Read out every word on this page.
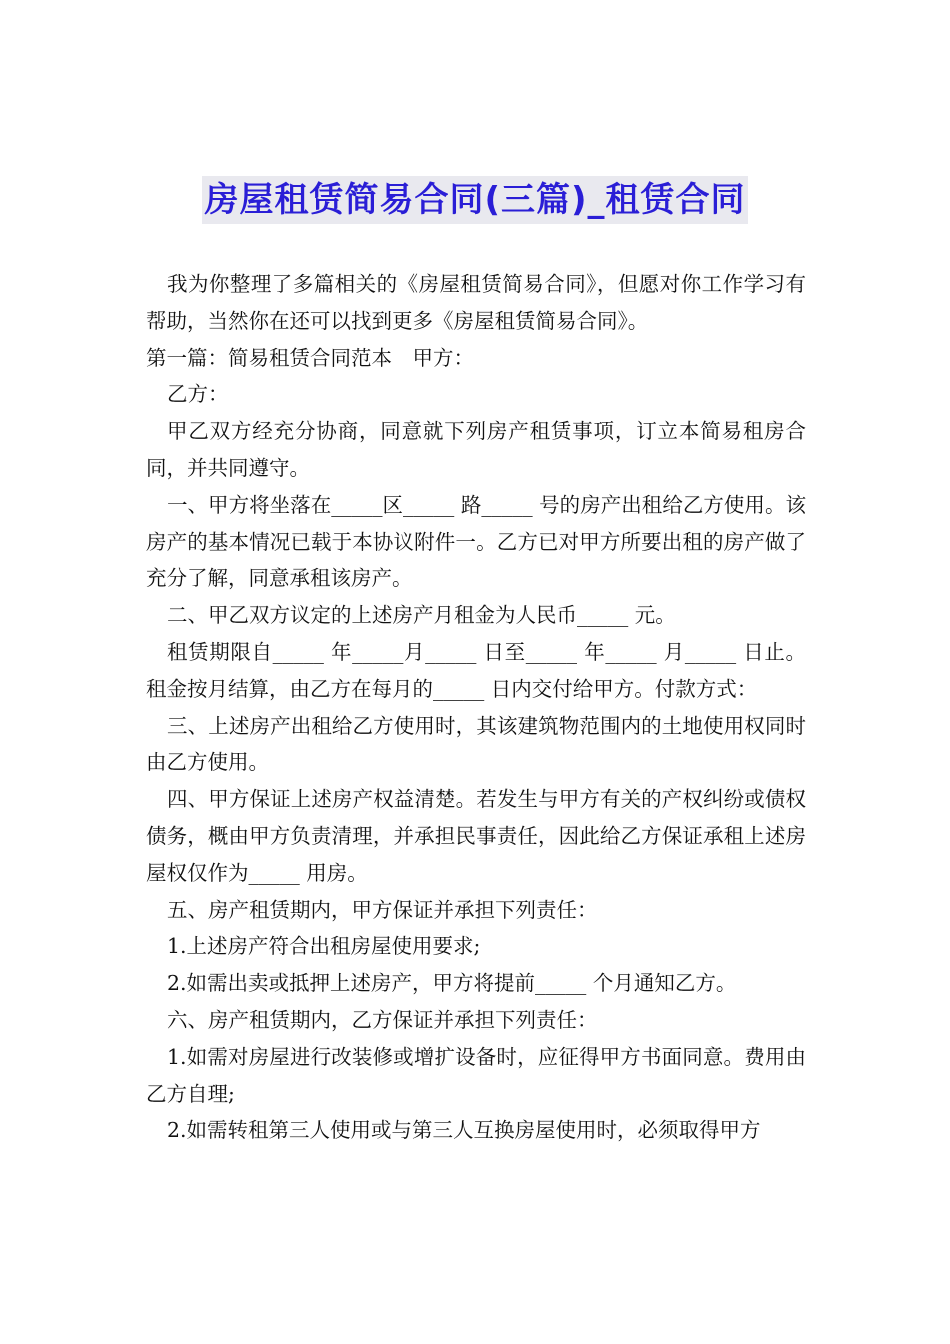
房屋租赁简易合同(三篇)_租赁合同

我为你整理了多篇相关的《房屋租赁简易合同》，但愿对你工作学习有帮助，当然你在还可以找到更多《房屋租赁简易合同》。

第一篇：简易租赁合同范本　甲方：

乙方：

甲乙双方经充分协商，同意就下列房产租赁事项，订立本简易租房合同，并共同遵守。

一、甲方将坐落在_____区_____ 路_____ 号的房产出租给乙方使用。该房产的基本情况已载于本协议附件一。乙方已对甲方所要出租的房产做了充分了解，同意承租该房产。

二、甲乙双方议定的上述房产月租金为人民币_____ 元。

租赁期限自_____ 年_____月_____ 日至_____ 年_____ 月_____ 日止。租金按月结算，由乙方在每月的_____ 日内交付给甲方。付款方式：

三、上述房产出租给乙方使用时，其该建筑物范围内的土地使用权同时由乙方使用。

四、甲方保证上述房产权益清楚。若发生与甲方有关的产权纠纷或债权债务，概由甲方负责清理，并承担民事责任，因此给乙方保证承租上述房屋权仅作为_____ 用房。

五、房产租赁期内，甲方保证并承担下列责任：

1.上述房产符合出租房屋使用要求;

2.如需出卖或抵押上述房产，甲方将提前_____ 个月通知乙方。

六、房产租赁期内，乙方保证并承担下列责任：

1.如需对房屋进行改装修或增扩设备时，应征得甲方书面同意。费用由乙方自理;

2.如需转租第三人使用或与第三人互换房屋使用时，必须取得甲方
